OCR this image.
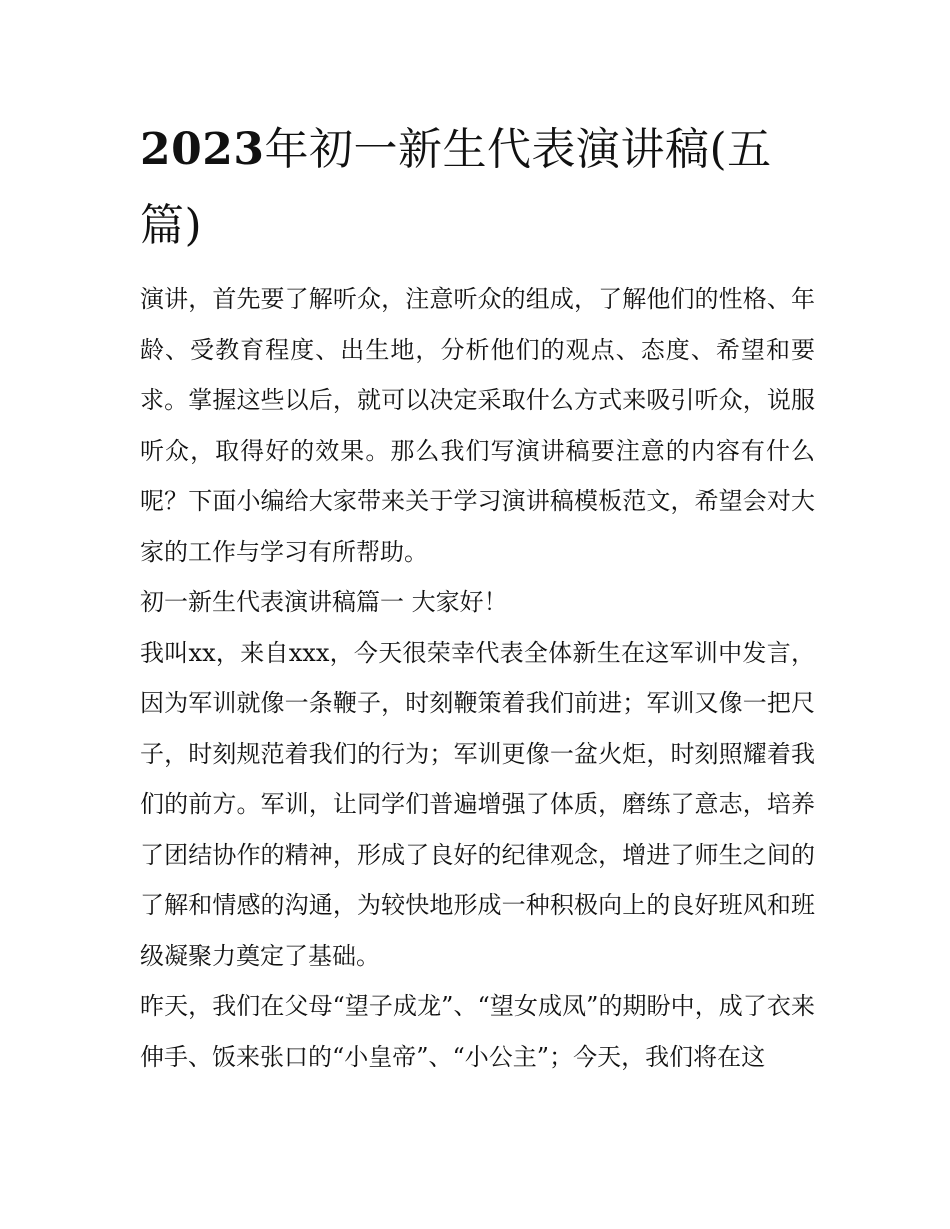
2023年初一新生代表演讲稿(五篇)

演讲，首先要了解听众，注意听众的组成，了解他们的性格、年龄、受教育程度、出生地，分析他们的观点、态度、希望和要求。掌握这些以后，就可以决定采取什么方式来吸引听众，说服听众，取得好的效果。那么我们写演讲稿要注意的内容有什么呢？下面小编给大家带来关于学习演讲稿模板范文，希望会对大家的工作与学习有所帮助。

初一新生代表演讲稿篇一 大家好！

我叫xx，来自xxx，今天很荣幸代表全体新生在这军训中发言，因为军训就像一条鞭子，时刻鞭策着我们前进；军训又像一把尺子，时刻规范着我们的行为；军训更像一盆火炬，时刻照耀着我们的前方。军训，让同学们普遍增强了体质，磨练了意志，培养了团结协作的精神，形成了良好的纪律观念，增进了师生之间的了解和情感的沟通，为较快地形成一种积极向上的良好班风和班级凝聚力奠定了基础。

昨天，我们在父母“望子成龙”、“望女成凤”的期盼中，成了衣来伸手、饭来张口的“小皇帝”、“小公主”；今天，我们将在这
